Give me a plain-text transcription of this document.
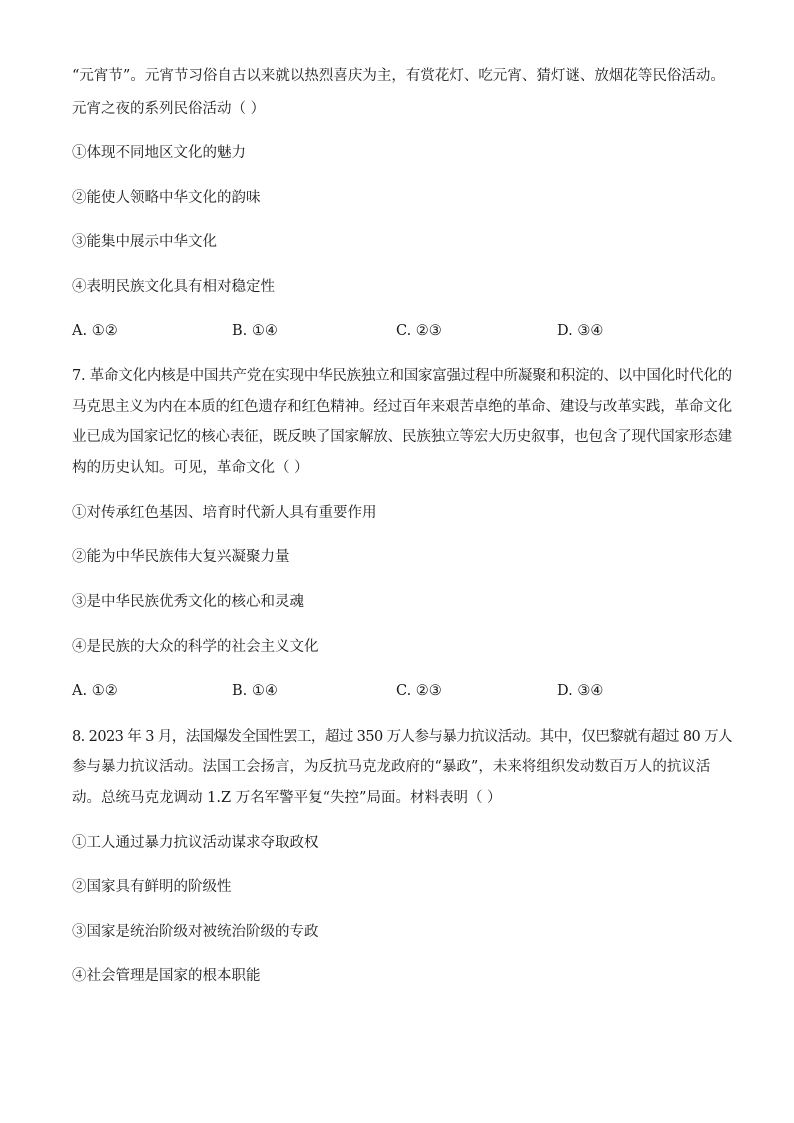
“元宵节”。元宵节习俗自古以来就以热烈喜庆为主，有赏花灯、吃元宵、猜灯谜、放烟花等民俗活动。
元宵之夜的系列民俗活动（ ）
①体现不同地区文化的魅力
②能使人领略中华文化的韵味
③能集中展示中华文化
④表明民族文化具有相对稳定性
A. ①②	B. ①④	C. ②③	D. ③④
7. 革命文化内核是中国共产党在实现中华民族独立和国家富强过程中所凝聚和积淀的、以中国化时代化的
马克思主义为内在本质的红色遗存和红色精神。经过百年来艰苦卓绝的革命、建设与改革实践，革命文化
业已成为国家记忆的核心表征，既反映了国家解放、民族独立等宏大历史叙事，也包含了现代国家形态建
构的历史认知。可见，革命文化（ ）
①对传承红色基因、培育时代新人具有重要作用
②能为中华民族伟大复兴凝聚力量
③是中华民族优秀文化的核心和灵魂
④是民族的大众的科学的社会主义文化
A. ①②	B. ①④	C. ②③	D. ③④
8. 2023 年 3 月，法国爆发全国性罢工，超过 350 万人参与暴力抗议活动。其中，仅巴黎就有超过 80 万人
参与暴力抗议活动。法国工会扬言，为反抗马克龙政府的“暴政”，未来将组织发动数百万人的抗议活
动。总统马克龙调动 1.Z 万名军警平复“失控”局面。材料表明（ ）
①工人通过暴力抗议活动谋求夺取政权
②国家具有鲜明的阶级性
③国家是统治阶级对被统治阶级的专政
④社会管理是国家的根本职能
